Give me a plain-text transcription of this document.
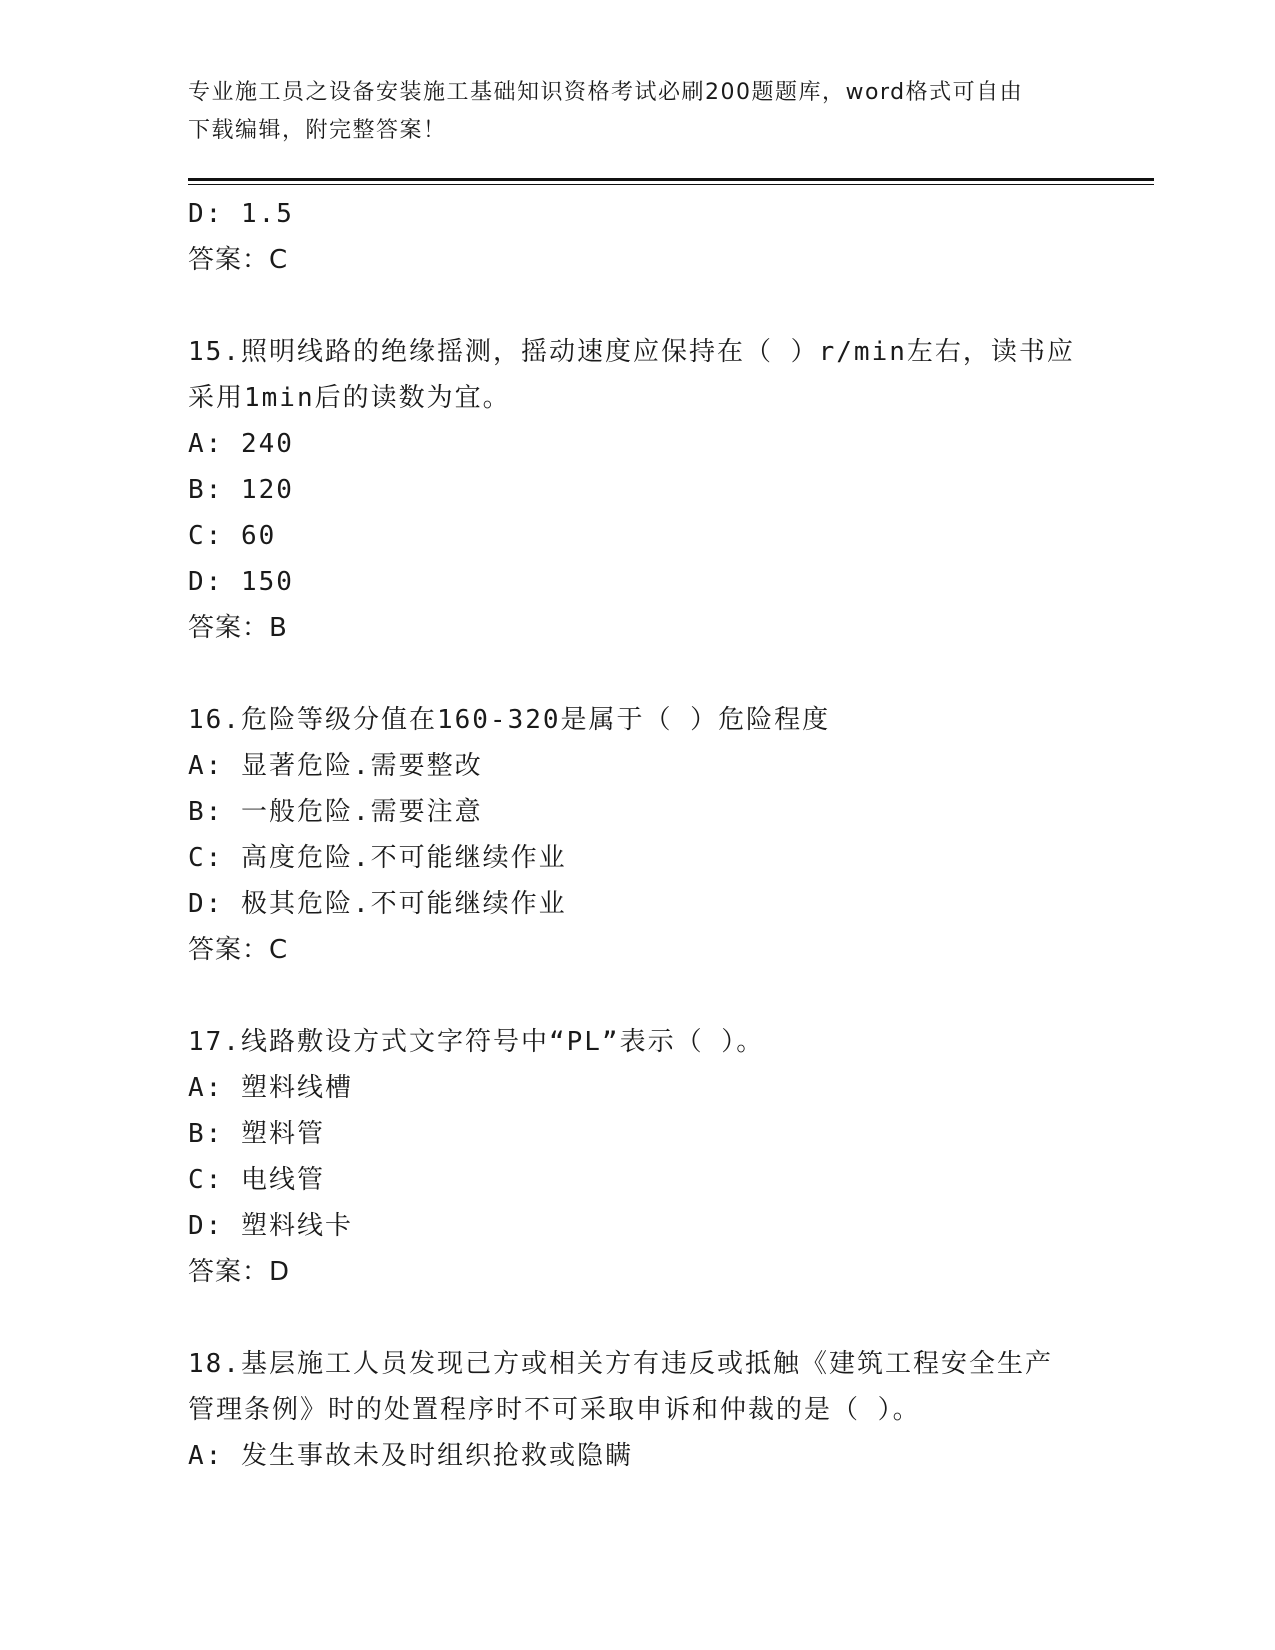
专业施工员之设备安装施工基础知识资格考试必刷200题题库，word格式可自由
下载编辑，附完整答案！
D: 1.5
答案：C
15.照明线路的绝缘摇测，摇动速度应保持在（ ）r/min左右，读书应
采用1min后的读数为宜。
A: 240
B: 120
C: 60
D: 150
答案：B
16.危险等级分值在160-320是属于（ ）危险程度
A: 显著危险.需要整改
B: 一般危险.需要注意
C: 高度危险.不可能继续作业
D: 极其危险.不可能继续作业
答案：C
17.线路敷设方式文字符号中“PL”表示（ ）。
A: 塑料线槽
B: 塑料管
C: 电线管
D: 塑料线卡
答案：D
18.基层施工人员发现己方或相关方有违反或抵触《建筑工程安全生产
管理条例》时的处置程序时不可采取申诉和仲裁的是（ ）。
A: 发生事故未及时组织抢救或隐瞒
